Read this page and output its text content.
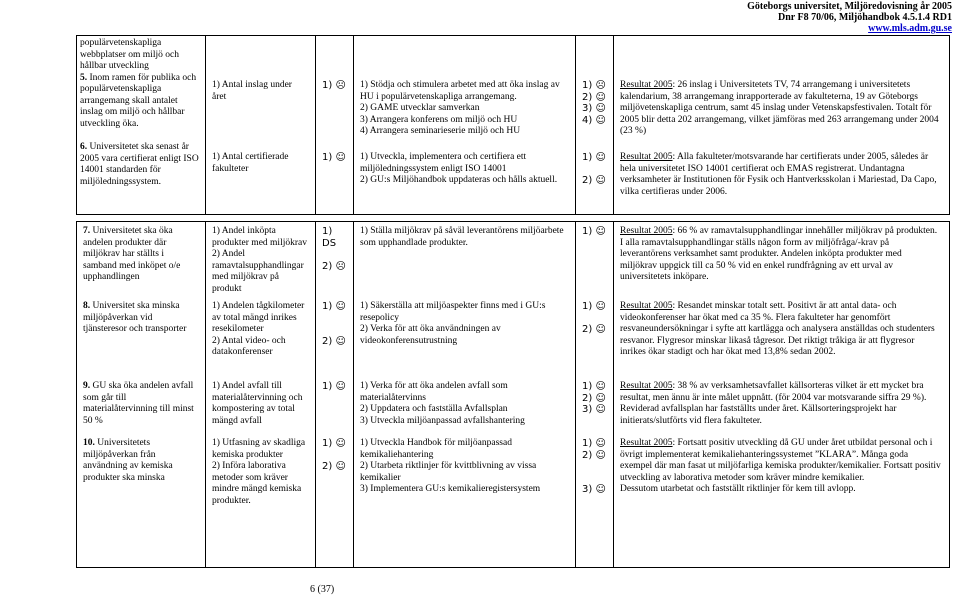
Göteborgs universitet, Miljöredovisning år 2005
Dnr F8 70/06, Miljöhandbok 4.5.1.4 RD1
www.mls.adm.gu.se

populärvetenskapliga webbplatser om miljö och hållbar utveckling

5. Inom ramen för publika och populärvetenskapliga arrangemang skall antalet inslag om miljö och hållbar utveckling öka.

6. Universitetet ska senast år 2005 vara certifierat enligt ISO 14001 standarden för miljöledningssystem.

1) Antal inslag under året

1) Antal certifierade fakulteter

1) ☹

1) ☺

1) Stödja och stimulera arbetet med att öka inslag av HU i populärvetenskapliga arrangemang.
2) GAME utvecklar samverkan
3) Arrangera konferens om miljö och HU
4) Arrangera seminarieserie miljö och HU

1) Utveckla, implementera och certifiera ett miljöledningssystem enligt ISO 14001
2) GU:s Miljöhandbok uppdateras och hålls aktuell.

1) ☹
2) ☺
3) ☺
4) ☺

1) ☺

2) ☺

Resultat 2005: 26 inslag i Universitetets TV, 74 arrangemang i universitetets kalendarium, 38 arrangemang inrapporterade av fakulteterna, 19 av Göteborgs miljövetenskapliga centrum, samt 45 inslag under Vetenskapsfestivalen. Totalt för 2005 blir detta 202 arrangemang, vilket jämföras med 263 arrangemang under 2004 (23 %)

Resultat 2005: Alla fakulteter/motsvarande har certifierats under 2005, således är hela universitetet ISO 14001 certifierat och EMAS registrerat. Undantagna verksamheter är Institutionen för Fysik och Hantverksskolan i Mariestad, Da Capo, vilka certifieras under 2006.

7. Universitetet ska öka andelen produkter där miljökrav har ställts i samband med inköpet o/e upphandlingen

8. Universitet ska minska miljöpåverkan vid tjänsteresor och transporter

9. GU ska öka andelen avfall som går till materialåtervinning till minst 50 %

10. Universitetets miljöpåverkan från användning av kemiska produkter ska minska

1) Andel inköpta produkter med miljökrav
2) Andel ramavtalsupphandlingar med miljökrav på produkt

1) Andelen tågkilometer av total mängd inrikes resekilometer
2) Antal video- och datakonferenser

1) Andel avfall till materialåtervinning och kompostering av total mängd avfall

1) Utfasning av skadliga kemiska produkter
2) Införa laborativa metoder som kräver mindre mängd kemiska produkter.

1) DS

2) ☹

1) ☺

2) ☺

1) ☺

1) ☺

2) ☺

1) Ställa miljökrav på såväl leverantörens miljöarbete som upphandlade produkter.

1) Säkerställa att miljöaspekter finns med i GU:s resepolicy
2) Verka för att öka användningen av videokonferensutrustning

1) Verka för att öka andelen avfall som materialåtervinns
2) Uppdatera och fastställa Avfallsplan
3) Utveckla miljöanpassad avfallshantering

1) Utveckla Handbok för miljöanpassad kemikaliehantering
2) Utarbeta riktlinjer för kvittblivning av vissa kemikalier
3) Implementera GU:s kemikalieregistersystem

1) ☺

1) ☺

2) ☺

1) ☺
2) ☺
3) ☺

1) ☺
2) ☺

3) ☺

Resultat 2005: 66 % av ramavtalsupphandlingar innehåller miljökrav på produkten. I alla ramavtalsupphandlingar ställs någon form av miljöfråga/-krav på leverantörens verksamhet samt produkter. Andelen inköpta produkter med miljökrav uppgick till ca 50 % vid en enkel rundfrågning av ett urval av universitetets inköpare.

Resultat 2005: Resandet minskar totalt sett. Positivt är att antal data- och videokonferenser har ökat med ca 35 %. Flera fakulteter har genomfört resvaneundersökningar i syfte att kartlägga och analysera anställdas och studenters resvanor. Flygresor minskar likaså tågresor. Det riktigt tråkiga är att flygresor inrikes ökar stadigt och har ökat med 13,8% sedan 2002.

Resultat 2005: 38 % av verksamhetsavfallet källsorteras vilket är ett mycket bra resultat, men ännu är inte målet uppnått. (för 2004 var motsvarande siffra 29 %).
Reviderad avfallsplan har fastställts under året. Källsorteringsprojekt har initierats/slutförts vid flera fakulteter.

Resultat 2005: Fortsatt positiv utveckling då GU under året utbildat personal och i övrigt implementerat kemikaliehanteringssystemet ”KLARA”. Många goda exempel där man fasat ut miljöfarliga kemiska produkter/kemikalier. Fortsatt positiv utveckling av laborativa metoder som kräver mindre kemikalier.
Dessutom utarbetat och fastställt riktlinjer för kem till avlopp.

6 (37)
